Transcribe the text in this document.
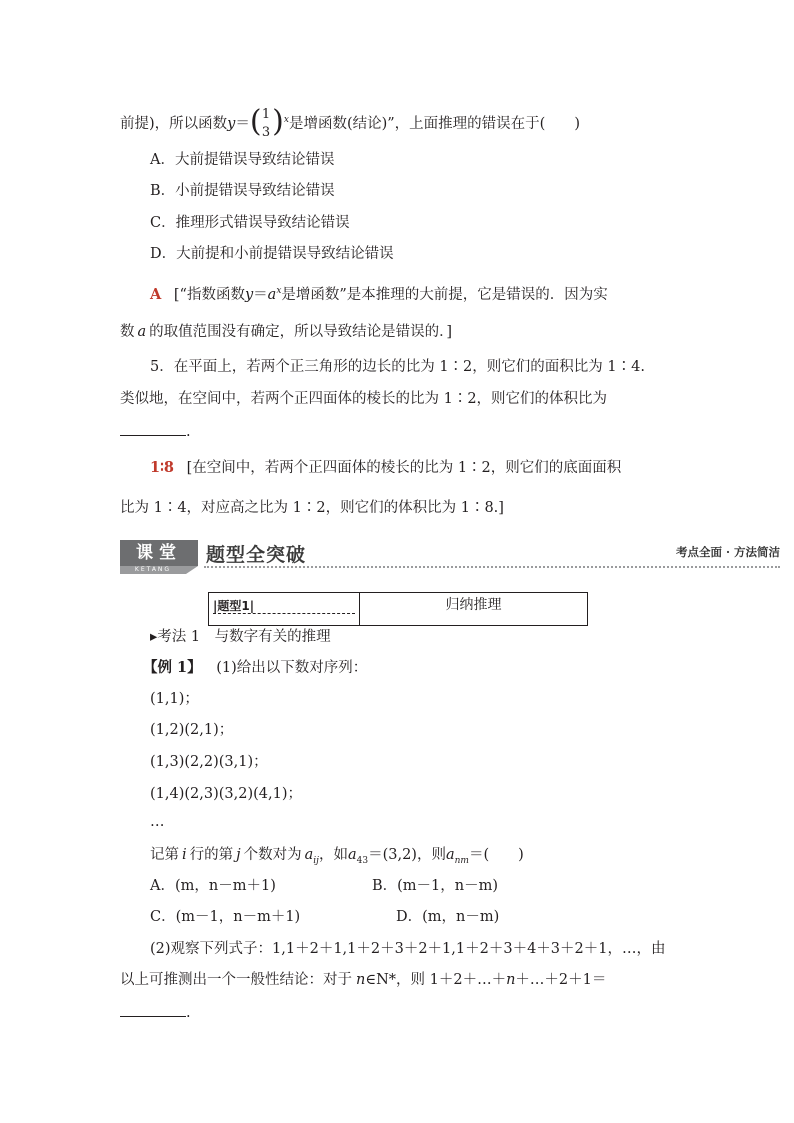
前提)，所以函数y＝ ( 1
3 ) $^x$是增函数(结论)”，上面推理的错误在于(　　)
A．大前提错误导致结论错误
B．小前提错误导致结论错误
C．推理形式错误导致结论错误
D．大前提和小前提错误导致结论错误
A [“指数函数$y=a^x$是增函数”是本推理的大前提，它是错误的．因为实
数 a 的取值范围没有确定，所以导致结论是错误的．]
5．在平面上，若两个正三角形的边长的比为 1∶2，则它们的面积比为 1∶4.
类似地，在空间中，若两个正四面体的棱长的比为 1∶2，则它们的体积比为
.
1∶8 [在空间中，若两个正四面体的棱长的比为 1∶2，则它们的底面面积
比为 1∶4，对应高之比为 1∶2，则它们的体积比为 1∶8.]
课堂
KETANG
题型全突破	考点全面 · 方法简洁
|题型1|	归纳推理
▸考法 1　与数字有关的推理
【例 1】 (1)给出以下数对序列：
(1,1)；
(1,2)(2,1)；
(1,3)(2,2)(3,1)；
(1,4)(2,3)(3,2)(4,1)；
…
记第 i 行的第 j 个数对为 $a_{ij}$，如$a_{43}=(3,2)$，则$a_{nm}=$(　　)
A．(m，n－m＋1)	B．(m－1，n－m)
C．(m－1，n－m＋1)	D．(m，n－m)
(2)观察下列式子：1,1＋2＋1,1＋2＋3＋2＋1,1＋2＋3＋4＋3＋2＋1，…，由
以上可推测出一个一般性结论：对于 n∈N*，则 1＋2＋…＋n＋…＋2＋1＝
.
